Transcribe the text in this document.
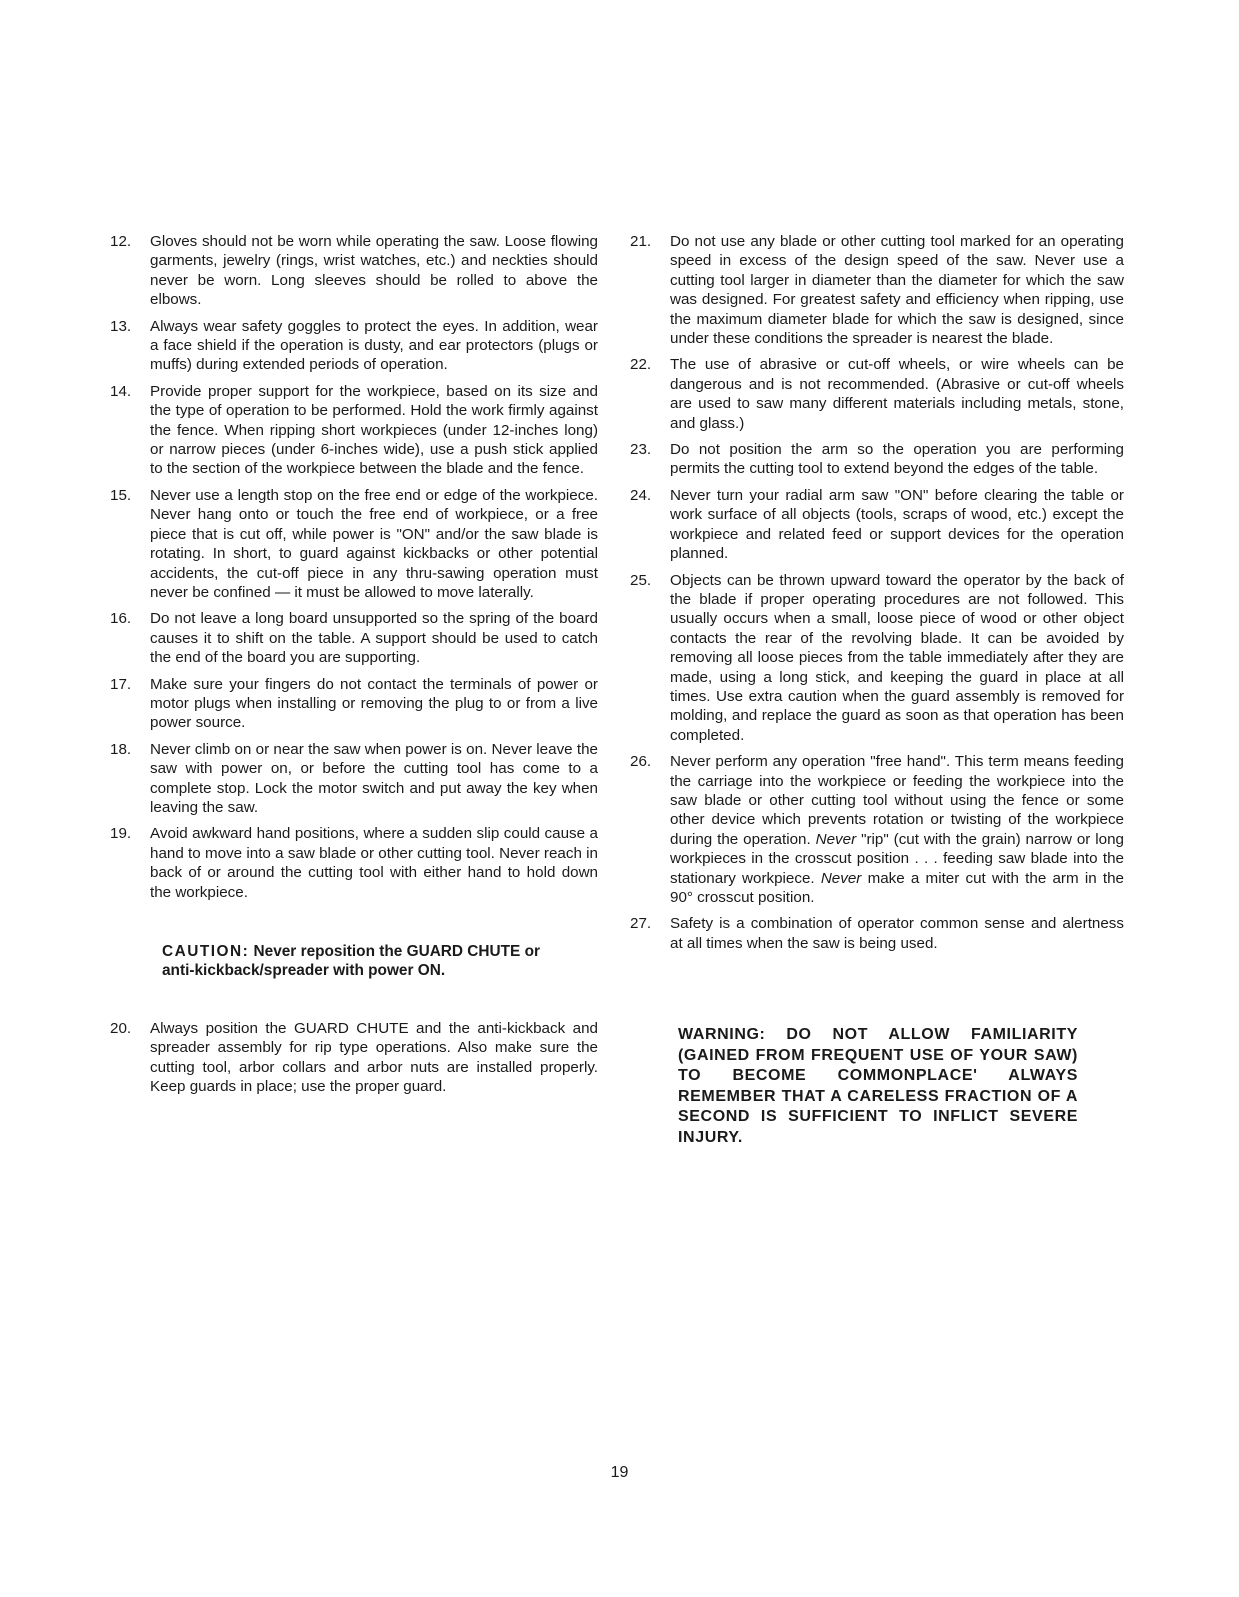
12. Gloves should not be worn while operating the saw. Loose flowing garments, jewelry (rings, wrist watches, etc.) and neckties should never be worn. Long sleeves should be rolled to above the elbows.
13. Always wear safety goggles to protect the eyes. In addition, wear a face shield if the operation is dusty, and ear protectors (plugs or muffs) during extended periods of operation.
14. Provide proper support for the workpiece, based on its size and the type of operation to be performed. Hold the work firmly against the fence. When ripping short workpieces (under 12-inches long) or narrow pieces (under 6-inches wide), use a push stick applied to the section of the workpiece between the blade and the fence.
15. Never use a length stop on the free end or edge of the workpiece. Never hang onto or touch the free end of workpiece, or a free piece that is cut off, while power is "ON" and/or the saw blade is rotating. In short, to guard against kickbacks or other potential accidents, the cut-off piece in any thru-sawing operation must never be confined — it must be allowed to move laterally.
16. Do not leave a long board unsupported so the spring of the board causes it to shift on the table. A support should be used to catch the end of the board you are supporting.
17. Make sure your fingers do not contact the terminals of power or motor plugs when installing or removing the plug to or from a live power source.
18. Never climb on or near the saw when power is on. Never leave the saw with power on, or before the cutting tool has come to a complete stop. Lock the motor switch and put away the key when leaving the saw.
19. Avoid awkward hand positions, where a sudden slip could cause a hand to move into a saw blade or other cutting tool. Never reach in back of or around the cutting tool with either hand to hold down the workpiece.
CAUTION: Never reposition the GUARD CHUTE or anti-kickback/spreader with power ON.
20. Always position the GUARD CHUTE and the anti-kickback and spreader assembly for rip type operations. Also make sure the cutting tool, arbor collars and arbor nuts are installed properly. Keep guards in place; use the proper guard.
21. Do not use any blade or other cutting tool marked for an operating speed in excess of the design speed of the saw. Never use a cutting tool larger in diameter than the diameter for which the saw was designed. For greatest safety and efficiency when ripping, use the maximum diameter blade for which the saw is designed, since under these conditions the spreader is nearest the blade.
22. The use of abrasive or cut-off wheels, or wire wheels can be dangerous and is not recommended. (Abrasive or cut-off wheels are used to saw many different materials including metals, stone, and glass.)
23. Do not position the arm so the operation you are performing permits the cutting tool to extend beyond the edges of the table.
24. Never turn your radial arm saw "ON" before clearing the table or work surface of all objects (tools, scraps of wood, etc.) except the workpiece and related feed or support devices for the operation planned.
25. Objects can be thrown upward toward the operator by the back of the blade if proper operating procedures are not followed. This usually occurs when a small, loose piece of wood or other object contacts the rear of the revolving blade. It can be avoided by removing all loose pieces from the table immediately after they are made, using a long stick, and keeping the guard in place at all times. Use extra caution when the guard assembly is removed for molding, and replace the guard as soon as that operation has been completed.
26. Never perform any operation "free hand". This term means feeding the carriage into the workpiece or feeding the workpiece into the saw blade or other cutting tool without using the fence or some other device which prevents rotation or twisting of the workpiece during the operation. Never "rip" (cut with the grain) narrow or long workpieces in the crosscut position . . . feeding saw blade into the stationary workpiece. Never make a miter cut with the arm in the 90° crosscut position.
27. Safety is a combination of operator common sense and alertness at all times when the saw is being used.
WARNING: DO NOT ALLOW FAMILIARITY (GAINED FROM FREQUENT USE OF YOUR SAW) TO BECOME COMMONPLACE' ALWAYS REMEMBER THAT A CARELESS FRACTION OF A SECOND IS SUFFICIENT TO INFLICT SEVERE INJURY.
19
